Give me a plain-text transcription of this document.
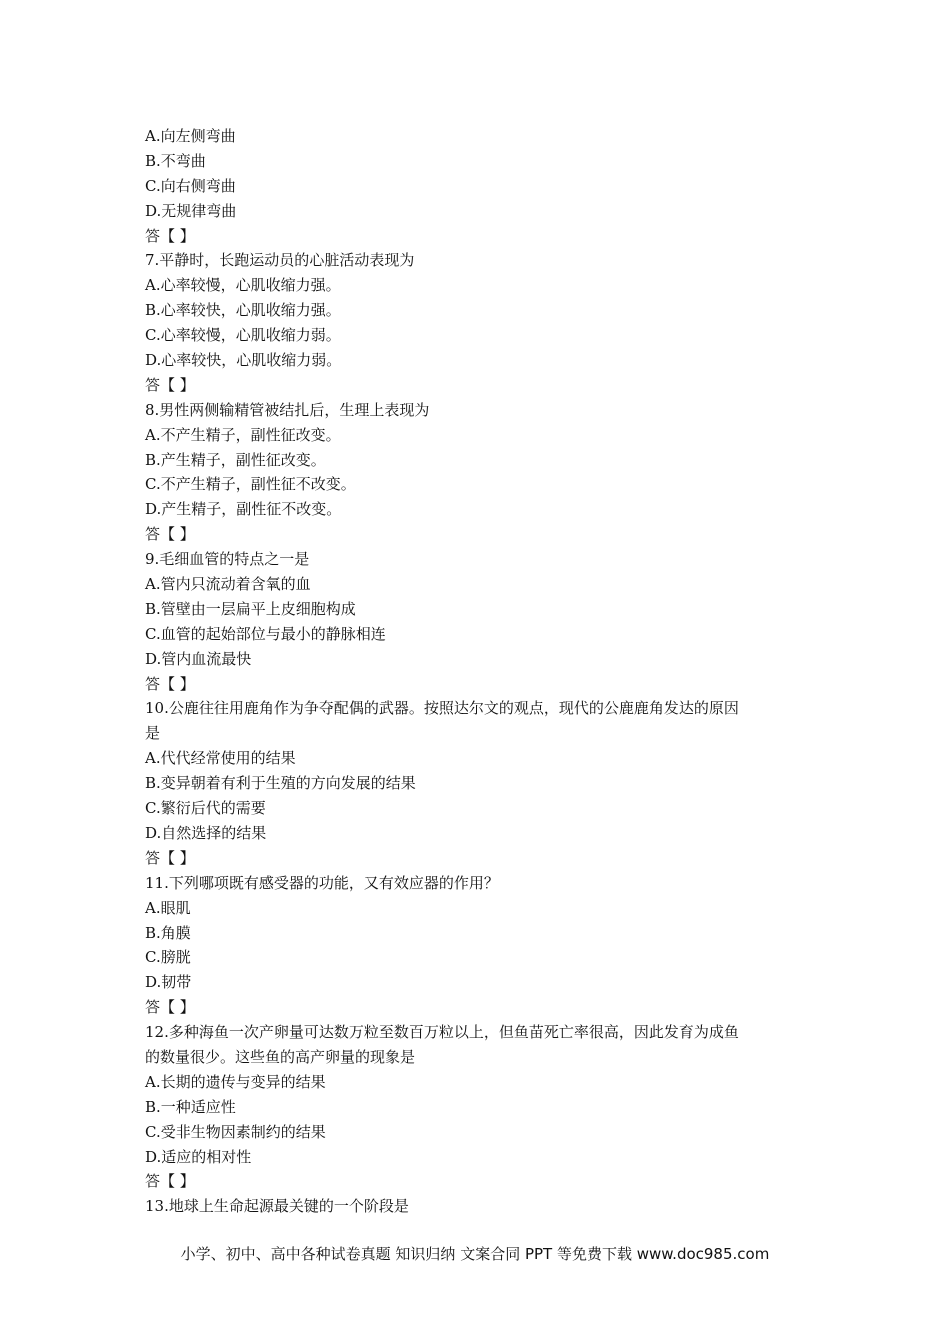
A.向左侧弯曲
B.不弯曲
C.向右侧弯曲
D.无规律弯曲
答【 】
7.平静时，长跑运动员的心脏活动表现为
A.心率较慢，心肌收缩力强。
B.心率较快，心肌收缩力强。
C.心率较慢，心肌收缩力弱。
D.心率较快，心肌收缩力弱。
答【 】
8.男性两侧输精管被结扎后，生理上表现为
A.不产生精子，副性征改变。
B.产生精子，副性征改变。
C.不产生精子，副性征不改变。
D.产生精子，副性征不改变。
答【 】
9.毛细血管的特点之一是
A.管内只流动着含氧的血
B.管壁由一层扁平上皮细胞构成
C.血管的起始部位与最小的静脉相连
D.管内血流最快
答【 】
10.公鹿往往用鹿角作为争夺配偶的武器。按照达尔文的观点，现代的公鹿鹿角发达的原因
是
A.代代经常使用的结果
B.变异朝着有利于生殖的方向发展的结果
C.繁衍后代的需要
D.自然选择的结果
答【 】
11.下列哪项既有感受器的功能，又有效应器的作用？
A.眼肌
B.角膜
C.膀胱
D.韧带
答【 】
12.多种海鱼一次产卵量可达数万粒至数百万粒以上，但鱼苗死亡率很高，因此发育为成鱼
的数量很少。这些鱼的高产卵量的现象是
A.长期的遗传与变异的结果
B.一种适应性
C.受非生物因素制约的结果
D.适应的相对性
答【 】
13.地球上生命起源最关键的一个阶段是
小学、初中、高中各种试卷真题 知识归纳 文案合同 PPT 等免费下载 www.doc985.com
